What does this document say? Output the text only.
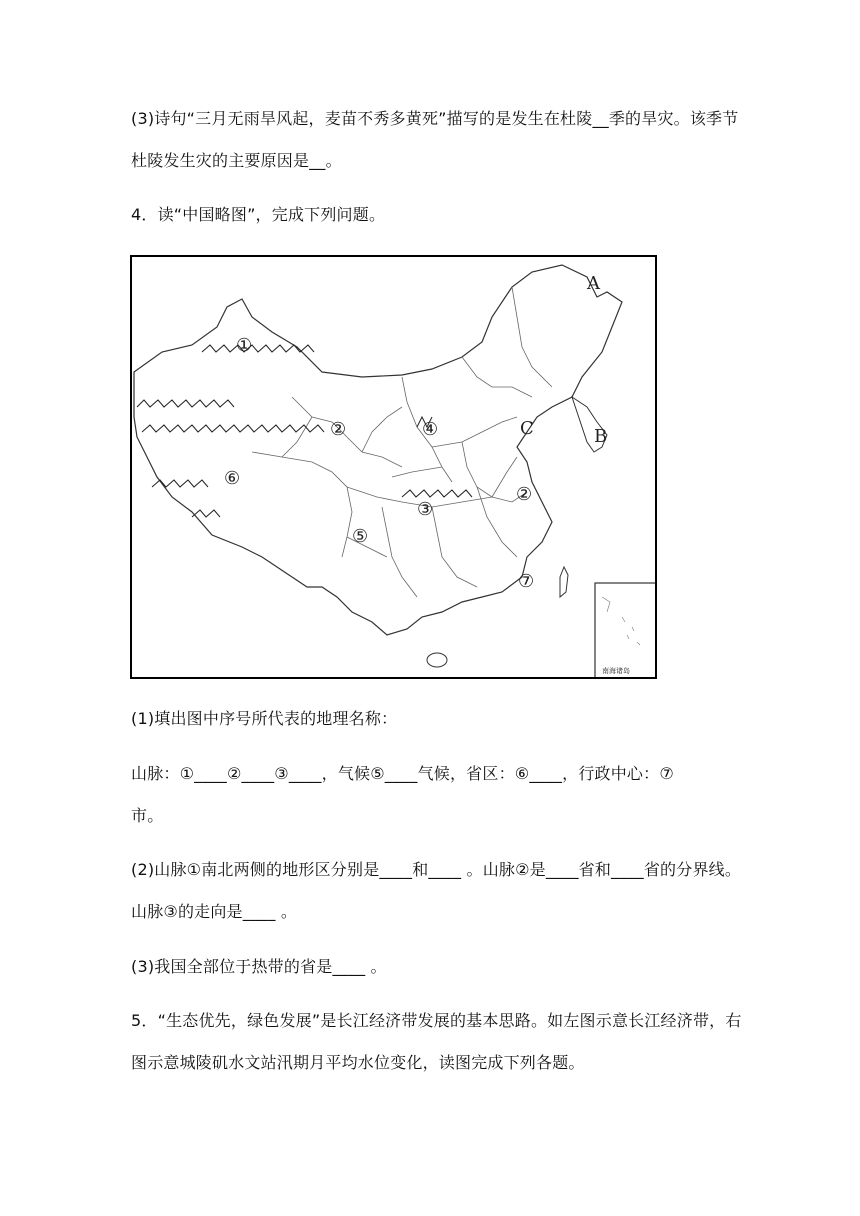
(3)诗句“三月无雨旱风起，麦苗不秀多黄死”描写的是发生在杜陵__季的旱灾。该季节
杜陵发生灾的主要原因是__。
4．读“中国略图”，完成下列问题。
南海诸岛
A
B
C
①
②
②
③
④
⑤
⑥
⑦
(1)填出图中序号所代表的地理名称：
山脉：①____②____③____，气候⑤____气候，省区：⑥____，行政中心：⑦
市。
(2)山脉①南北两侧的地形区分别是____和____ 。山脉②是____省和____省的分界线。
山脉③的走向是____ 。
(3)我国全部位于热带的省是____ 。
5．“生态优先，绿色发展”是长江经济带发展的基本思路。如左图示意长江经济带，右
图示意城陵矶水文站汛期月平均水位变化，读图完成下列各题。
